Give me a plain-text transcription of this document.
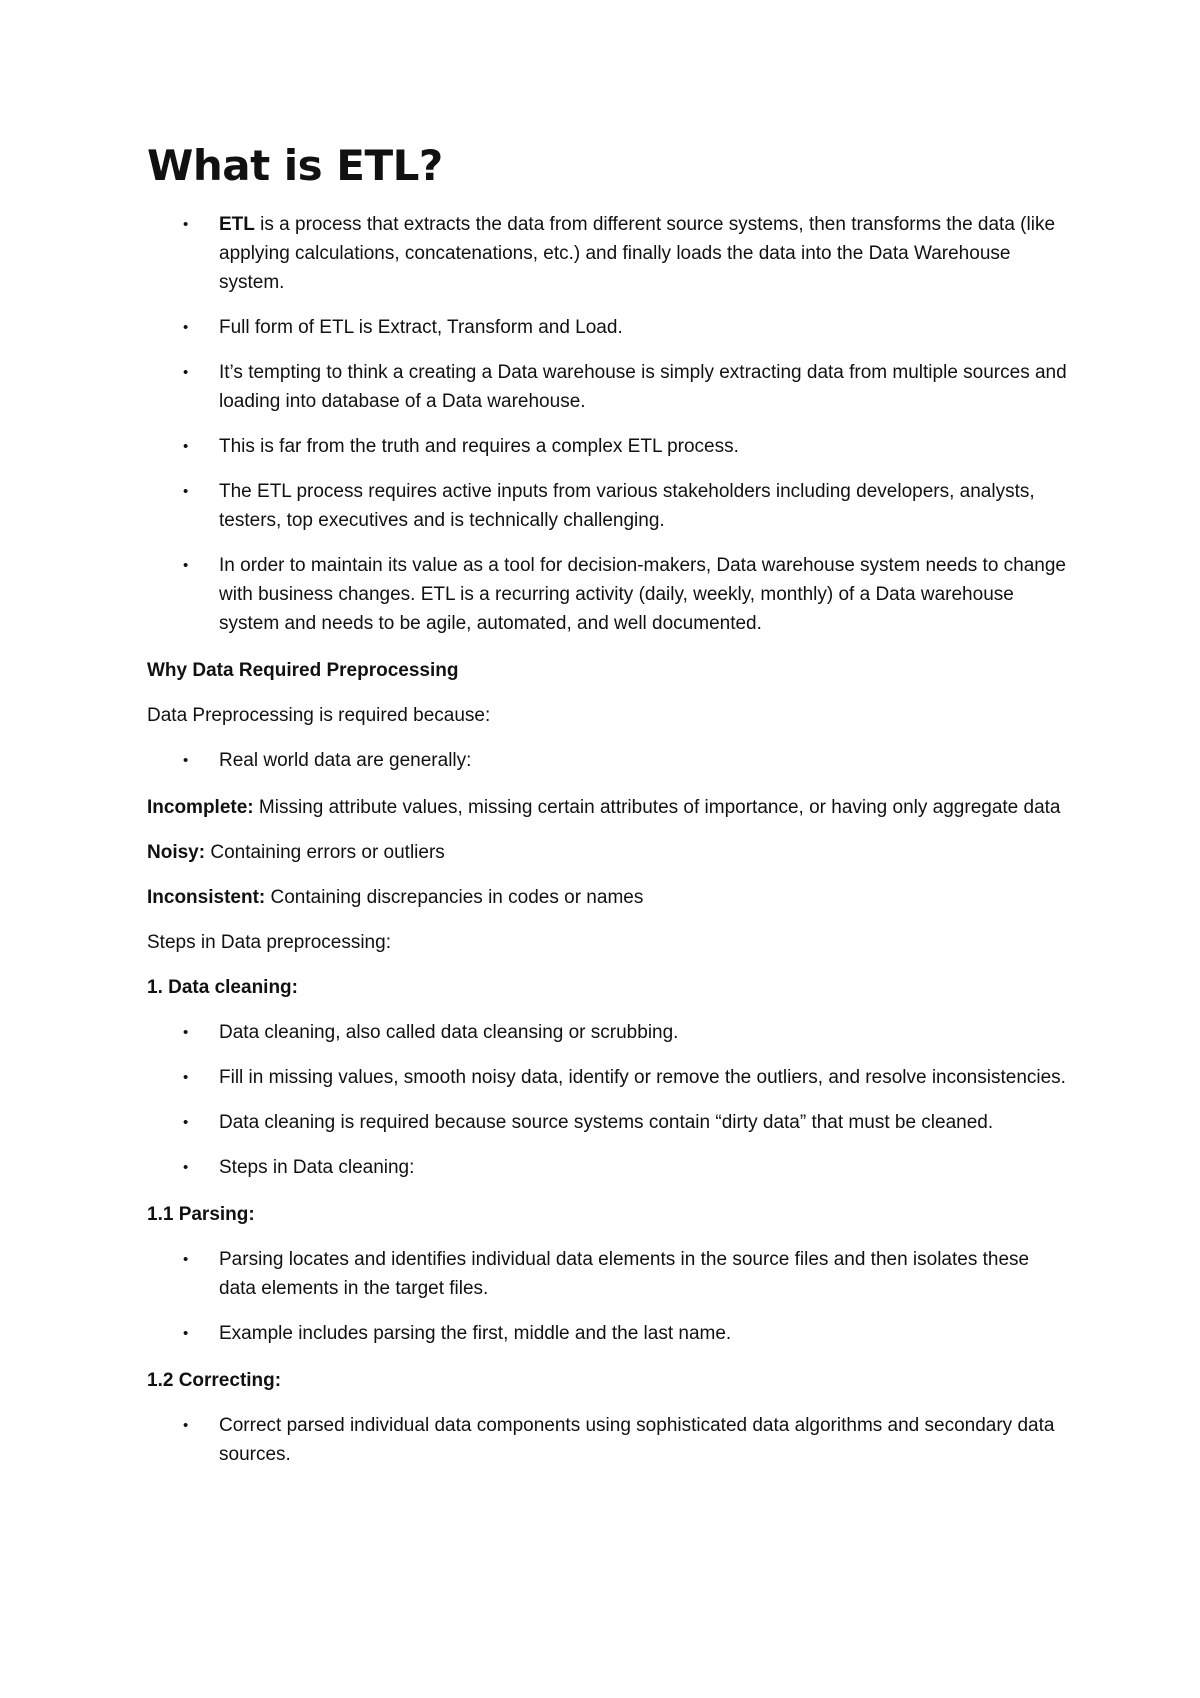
What is ETL?
• ETL is a process that extracts the data from different source systems, then transforms the data (like applying calculations, concatenations, etc.) and finally loads the data into the Data Warehouse system.
• Full form of ETL is Extract, Transform and Load.
• It’s tempting to think a creating a Data warehouse is simply extracting data from multiple sources and loading into database of a Data warehouse.
• This is far from the truth and requires a complex ETL process.
• The ETL process requires active inputs from various stakeholders including developers, analysts, testers, top executives and is technically challenging.
• In order to maintain its value as a tool for decision-makers, Data warehouse system needs to change with business changes. ETL is a recurring activity (daily, weekly, monthly) of a Data warehouse system and needs to be agile, automated, and well documented.

Why Data Required Preprocessing

Data Preprocessing is required because:

• Real world data are generally:

Incomplete: Missing attribute values, missing certain attributes of importance, or having only aggregate data

Noisy: Containing errors or outliers

Inconsistent: Containing discrepancies in codes or names

Steps in Data preprocessing:

1. Data cleaning:

• Data cleaning, also called data cleansing or scrubbing.
• Fill in missing values, smooth noisy data, identify or remove the outliers, and resolve inconsistencies.
• Data cleaning is required because source systems contain “dirty data” that must be cleaned.
• Steps in Data cleaning:

1.1 Parsing:

• Parsing locates and identifies individual data elements in the source files and then isolates these data elements in the target files.
• Example includes parsing the first, middle and the last name.

1.2 Correcting:

• Correct parsed individual data components using sophisticated data algorithms and secondary data sources.
